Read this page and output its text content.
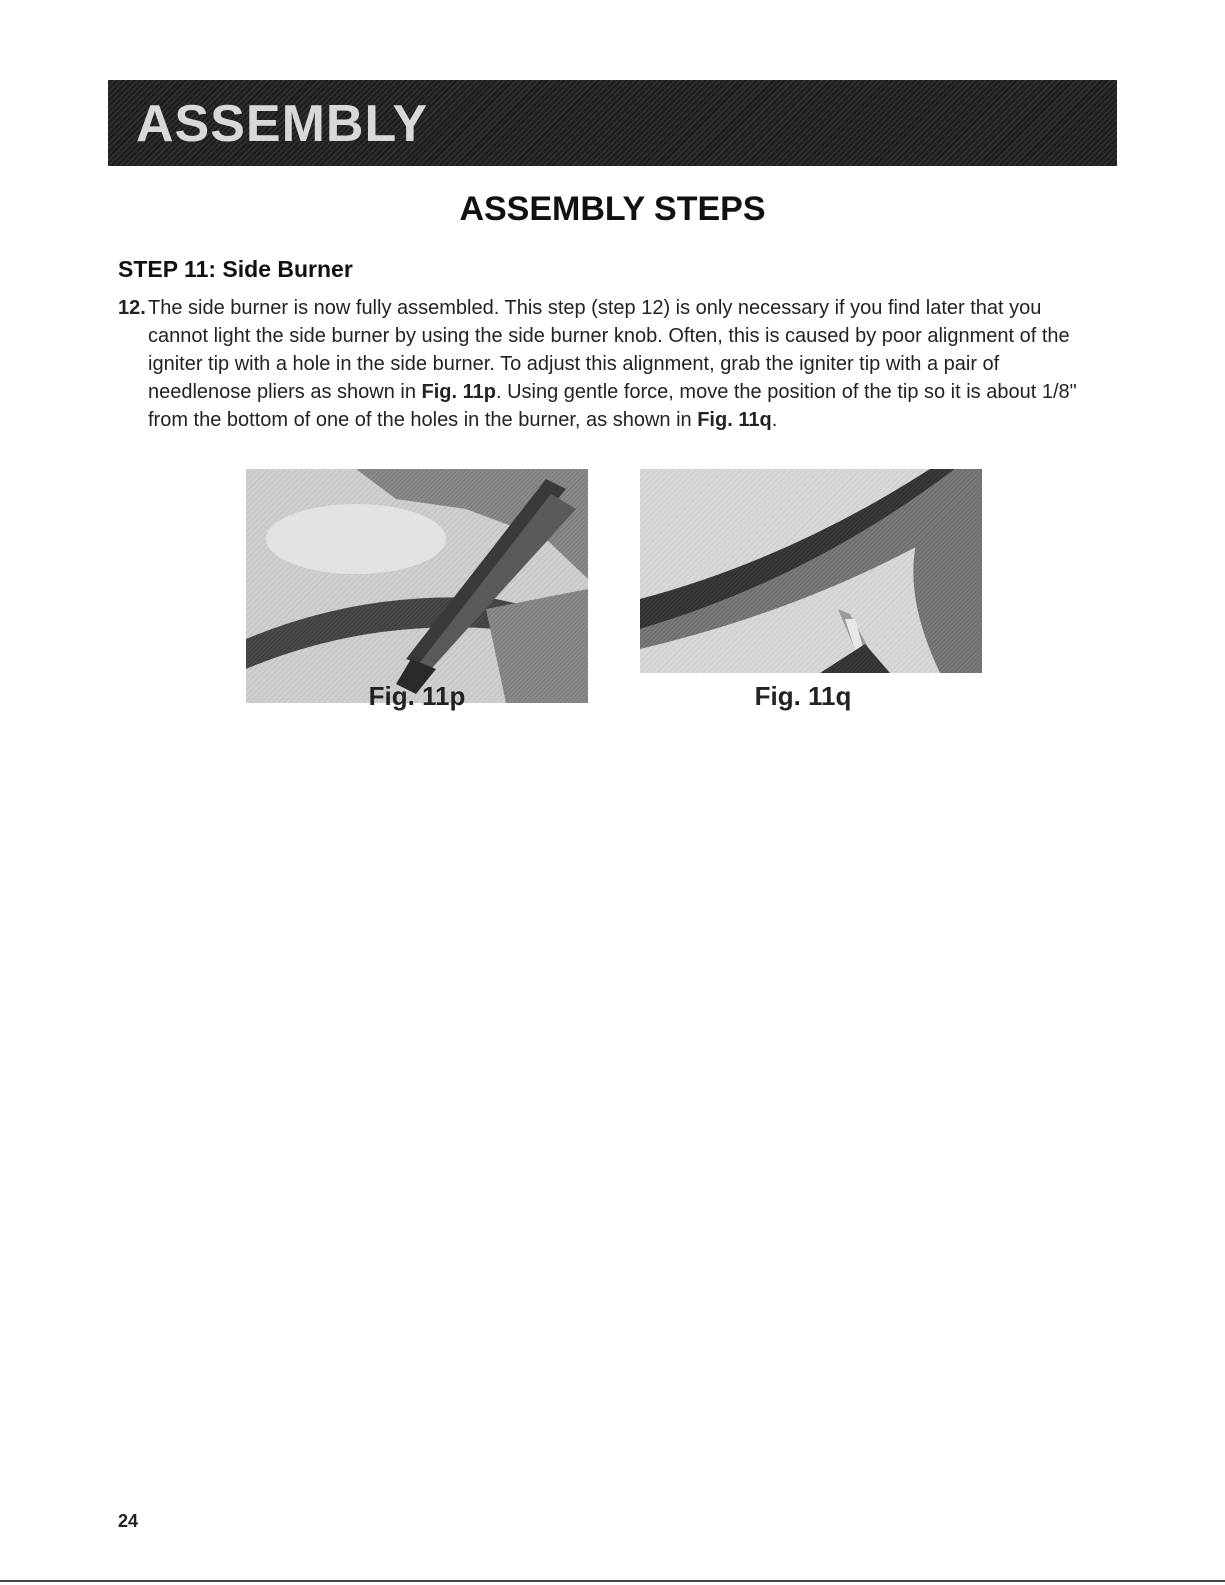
ASSEMBLY
ASSEMBLY STEPS
STEP 11: Side Burner
12. The side burner is now fully assembled. This step (step 12) is only necessary if you find later that you cannot light the side burner by using the side burner knob. Often, this is caused by poor alignment of the igniter tip with a hole in the side burner. To adjust this alignment, grab the igniter tip with a pair of needlenose pliers as shown in Fig. 11p. Using gentle force, move the position of the tip so it is about 1/8" from the bottom of one of the holes in the burner, as shown in Fig. 11q.
Fig. 11p	Fig. 11q
24
